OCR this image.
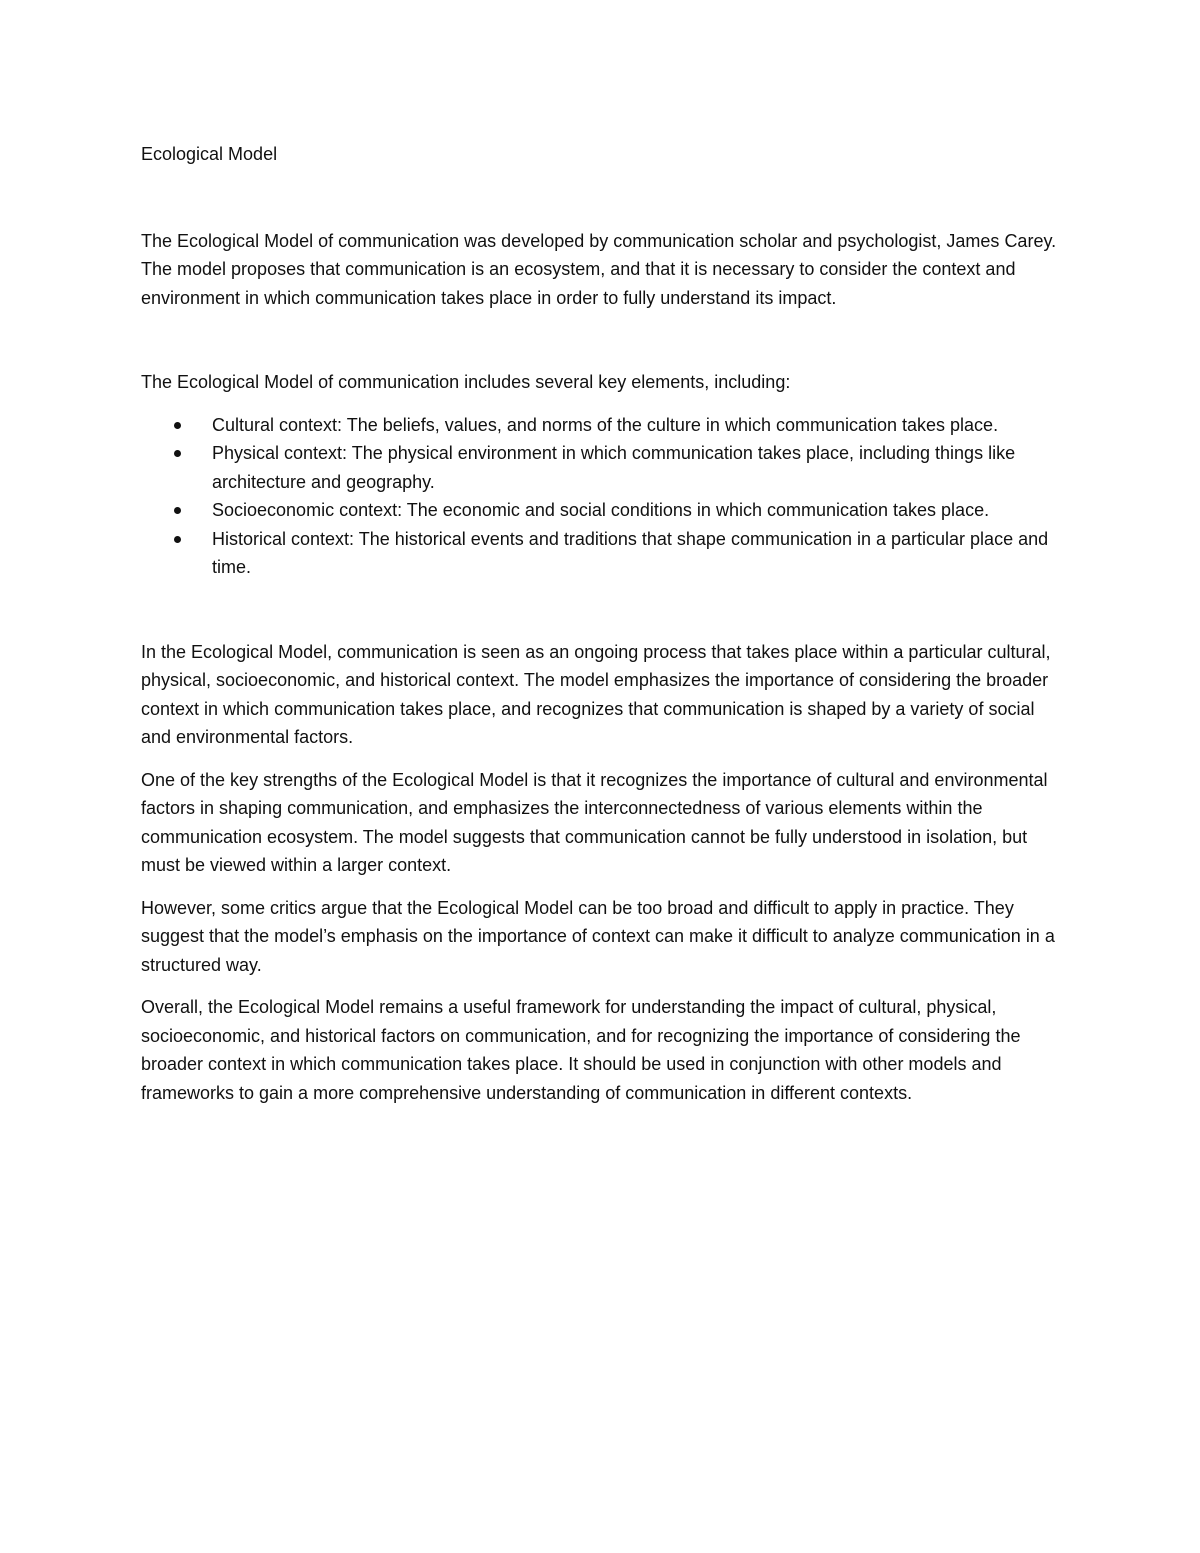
Ecological Model

The Ecological Model of communication was developed by communication scholar and psychologist, James Carey. The model proposes that communication is an ecosystem, and that it is necessary to consider the context and environment in which communication takes place in order to fully understand its impact.

The Ecological Model of communication includes several key elements, including:

Cultural context: The beliefs, values, and norms of the culture in which communication takes place.
Physical context: The physical environment in which communication takes place, including things like architecture and geography.
Socioeconomic context: The economic and social conditions in which communication takes place.
Historical context: The historical events and traditions that shape communication in a particular place and time.

In the Ecological Model, communication is seen as an ongoing process that takes place within a particular cultural, physical, socioeconomic, and historical context. The model emphasizes the importance of considering the broader context in which communication takes place, and recognizes that communication is shaped by a variety of social and environmental factors.

One of the key strengths of the Ecological Model is that it recognizes the importance of cultural and environmental factors in shaping communication, and emphasizes the interconnectedness of various elements within the communication ecosystem. The model suggests that communication cannot be fully understood in isolation, but must be viewed within a larger context.

However, some critics argue that the Ecological Model can be too broad and difficult to apply in practice. They suggest that the model’s emphasis on the importance of context can make it difficult to analyze communication in a structured way.

Overall, the Ecological Model remains a useful framework for understanding the impact of cultural, physical, socioeconomic, and historical factors on communication, and for recognizing the importance of considering the broader context in which communication takes place. It should be used in conjunction with other models and frameworks to gain a more comprehensive understanding of communication in different contexts.
